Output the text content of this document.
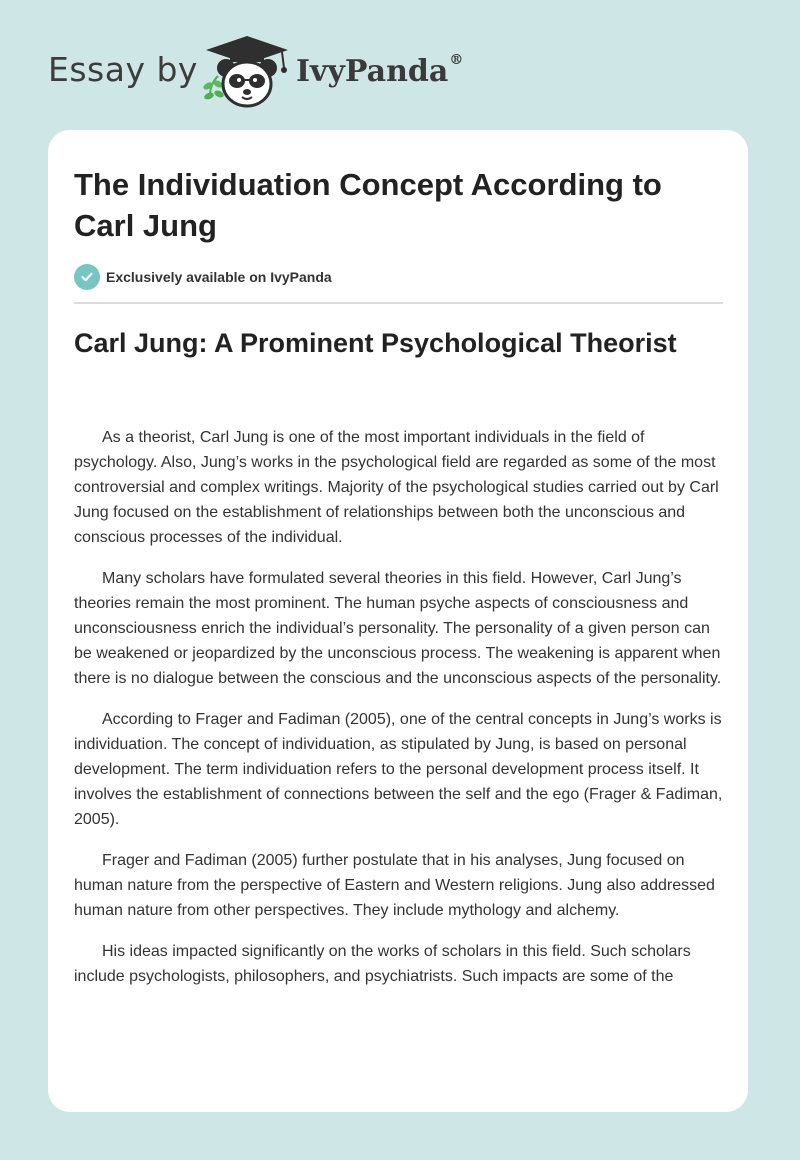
Essay by	IvyPanda®
The Individuation Concept According to Carl Jung
Exclusively available on IvyPanda
Carl Jung: A Prominent Psychological Theorist

As a theorist, Carl Jung is one of the most important individuals in the field of psychology. Also, Jung’s works in the psychological field are regarded as some of the most controversial and complex writings. Majority of the psychological studies carried out by Carl Jung focused on the establishment of relationships between both the unconscious and conscious processes of the individual.

Many scholars have formulated several theories in this field. However, Carl Jung’s theories remain the most prominent. The human psyche aspects of consciousness and unconsciousness enrich the individual’s personality. The personality of a given person can be weakened or jeopardized by the unconscious process. The weakening is apparent when there is no dialogue between the conscious and the unconscious aspects of the personality.

According to Frager and Fadiman (2005), one of the central concepts in Jung’s works is individuation. The concept of individuation, as stipulated by Jung, is based on personal development. The term individuation refers to the personal development process itself. It involves the establishment of connections between the self and the ego (Frager & Fadiman, 2005).

Frager and Fadiman (2005) further postulate that in his analyses, Jung focused on human nature from the perspective of Eastern and Western religions. Jung also addressed human nature from other perspectives. They include mythology and alchemy.

His ideas impacted significantly on the works of scholars in this field. Such scholars include psychologists, philosophers, and psychiatrists. Such impacts are some of the
